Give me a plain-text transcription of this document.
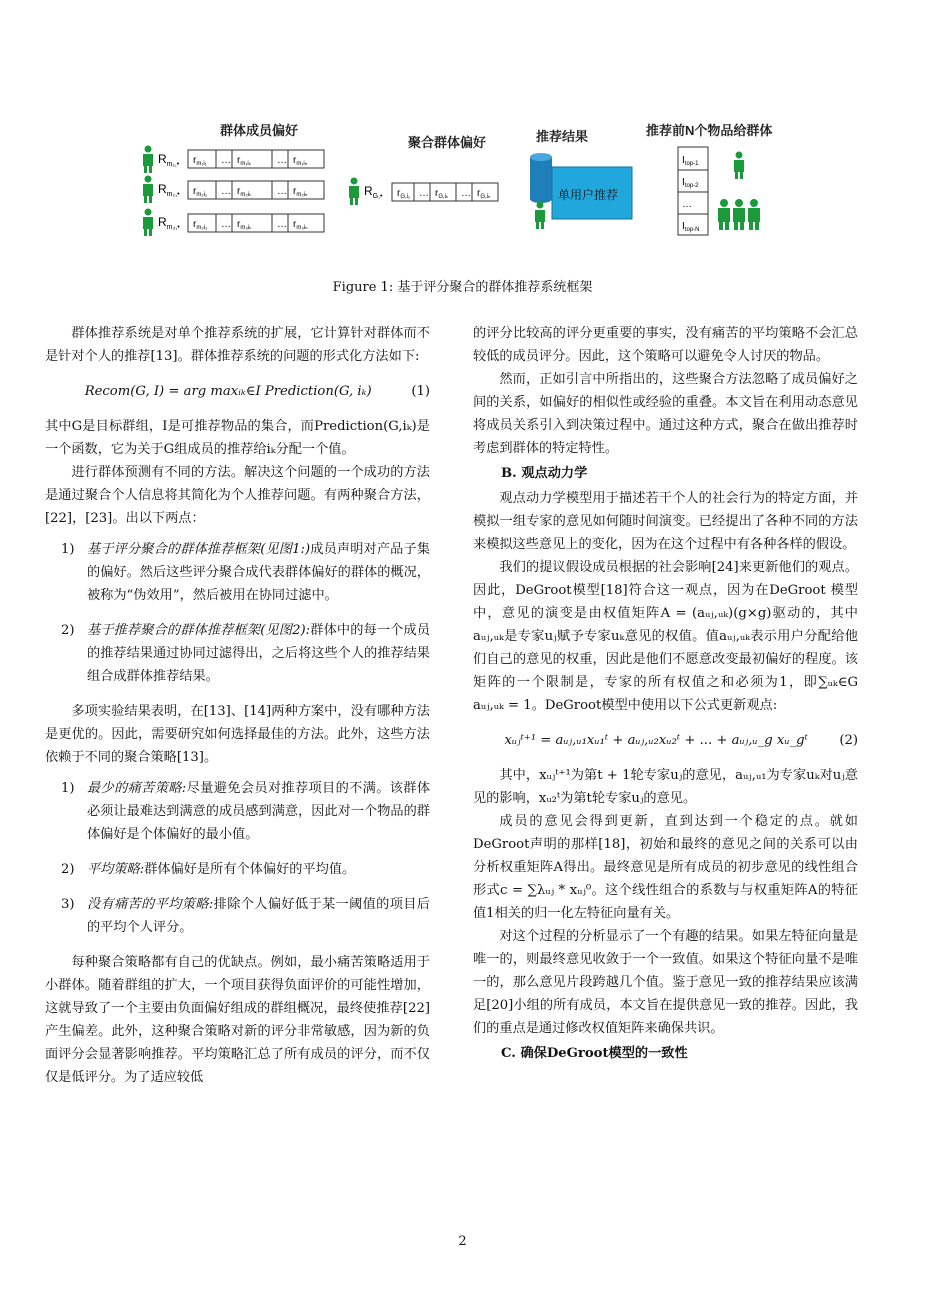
群体成员偏好
聚合群体偏好	推荐结果	推荐前N个物品给群体
$R_{m_1,•}$
$R_{m_2,•}$
$R_{m_3,•}$
$r_{m_1i_1}$ … $r_{m_1i_k}$	… $r_{m_1i_n}$
$r_{m_2i_1}$ … $r_{m_2i_k}$	… $r_{m_2i_n}$
$r_{m_3i_1}$ … $r_{m_3i_k}$	… $r_{m_3i_n}$
$R_{G,•}$ $r_{G,i_1}$ … $r_{G,i_k}$ … $r_{G,i_n}$	单用户推荐
$I_{top-1}$
$I_{top-2}$
…
$I_{top-N}$
Figure 1: 基于评分聚合的群体推荐系统框架

群体推荐系统是对单个推荐系统的扩展，它计算针对群体而不是针对个人的推荐[13]。群体推荐系统的问题的形式化方法如下:

Recom(G, I) = arg maxᵢₖ∈I Prediction(G, iₖ)	(1)

其中G是目标群组，I是可推荐物品的集合，而Prediction(G,iₖ)是一个函数，它为关于G组成员的推荐给iₖ分配一个值。

进行群体预测有不同的方法。解决这个问题的一个成功的方法是通过聚合个人信息将其简化为个人推荐问题。有两种聚合方法，[22]，[23]。出以下两点：

1) 基于评分聚合的群体推荐框架(见图1:)成员声明对产品子集的偏好。然后这些评分聚合成代表群体偏好的群体的概况，被称为“伪效用”，然后被用在协同过滤中。
2) 基于推荐聚合的群体推荐框架(见图2):群体中的每一个成员的推荐结果通过协同过滤得出，之后将这些个人的推荐结果组合成群体推荐结果。

多项实验结果表明，在[13]、[14]两种方案中，没有哪种方法是更优的。因此，需要研究如何选择最佳的方法。此外，这些方法依赖于不同的聚合策略[13]。

1) 最少的痛苦策略:尽量避免会员对推荐项目的不满。该群体必须让最难达到满意的成员感到满意，因此对一个物品的群体偏好是个体偏好的最小值。
2) 平均策略:群体偏好是所有个体偏好的平均值。
3) 没有痛苦的平均策略:排除个人偏好低于某一阈值的项目后的平均个人评分。

每种聚合策略都有自己的优缺点。例如，最小痛苦策略适用于小群体。随着群组的扩大，一个项目获得负面评价的可能性增加，这就导致了一个主要由负面偏好组成的群组概况，最终使推荐[22]产生偏差。此外，这种聚合策略对新的评分非常敏感，因为新的负面评分会显著影响推荐。平均策略汇总了所有成员的评分，而不仅仅是低评分。为了适应较低

的评分比较高的评分更重要的事实，没有痛苦的平均策略不会汇总较低的成员评分。因此，这个策略可以避免令人讨厌的物品。

然而，正如引言中所指出的，这些聚合方法忽略了成员偏好之间的关系，如偏好的相似性或经验的重叠。本文旨在利用动态意见将成员关系引入到决策过程中。通过这种方式，聚合在做出推荐时考虑到群体的特定特性。

B. 观点动力学

观点动力学模型用于描述若干个人的社会行为的特定方面，并模拟一组专家的意见如何随时间演变。已经提出了各种不同的方法来模拟这些意见上的变化，因为在这个过程中有各种各样的假设。

我们的提议假设成员根据的社会影响[24]来更新他们的观点。因此，DeGroot模型[18]符合这一观点，因为在DeGroot 模型中，意见的演变是由权值矩阵A = (aᵤⱼ,ᵤₖ)(g×g)驱动的，其中aᵤⱼ,ᵤₖ是专家uⱼ赋予专家uₖ意见的权值。值aᵤⱼ,ᵤₖ表示用户分配给他们自己的意见的权重，因此是他们不愿意改变最初偏好的程度。该矩阵的一个限制是，专家的所有权值之和必须为1，即∑ᵤₖ∈G aᵤⱼ,ᵤₖ = 1。DeGroot模型中使用以下公式更新观点:

xᵤⱼᵗ⁺¹ = aᵤⱼ,ᵤ₁xᵤ₁ᵗ + aᵤⱼ,ᵤ₂xᵤ₂ᵗ + ... + aᵤⱼ,ᵤ_g xᵤ_gᵗ	(2)

其中，xᵤⱼᵗ⁺¹为第t + 1轮专家uⱼ的意见，aᵤⱼ,ᵤ₁为专家uₖ对uⱼ意见的影响，xᵤ₂ᵗ为第t轮专家uⱼ的意见。

成员的意见会得到更新，直到达到一个稳定的点。就如DeGroot声明的那样[18]，初始和最终的意见之间的关系可以由分析权重矩阵A得出。最终意见是所有成员的初步意见的线性组合形式c = ∑λᵤⱼ * xᵤⱼ⁰。这个线性组合的系数与与权重矩阵A的特征值1相关的归一化左特征向量有关。

对这个过程的分析显示了一个有趣的结果。如果左特征向量是唯一的，则最终意见收敛于一个一致值。如果这个特征向量不是唯一的，那么意见片段跨越几个值。鉴于意见一致的推荐结果应该满足[20]小组的所有成员，本文旨在提供意见一致的推荐。因此，我们的重点是通过修改权值矩阵来确保共识。

C. 确保DeGroot模型的一致性
2
